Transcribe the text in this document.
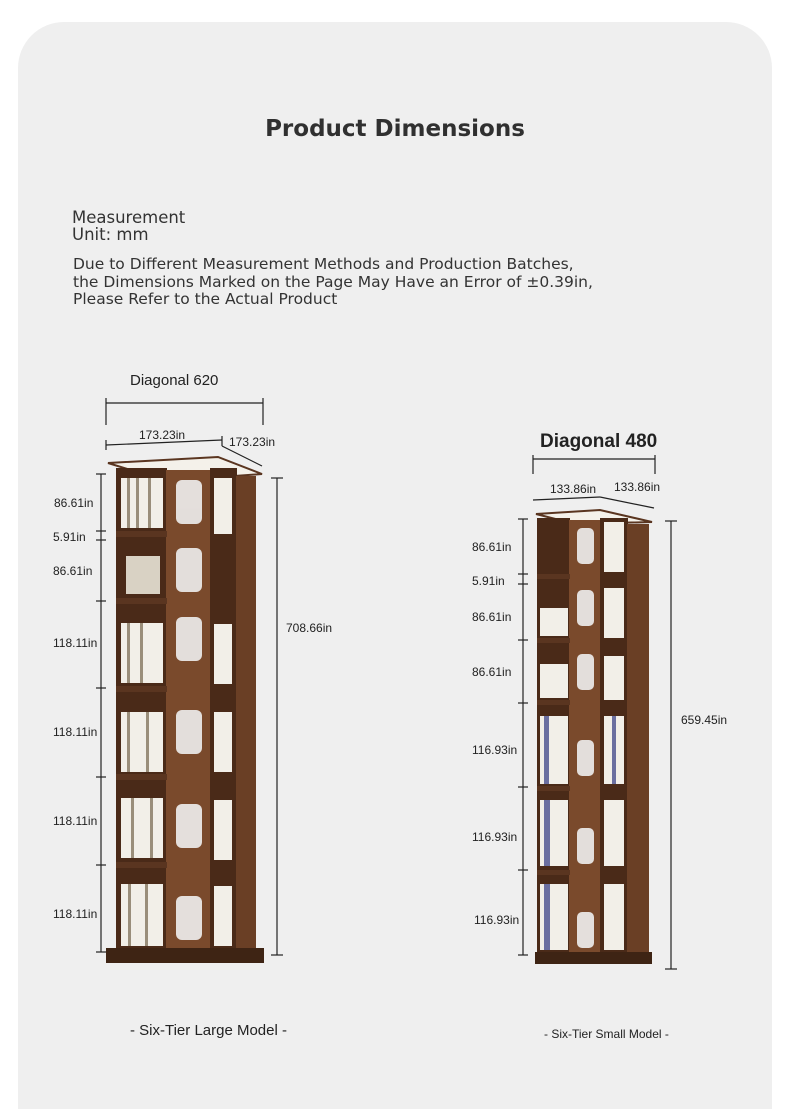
Product Dimensions
Measurement
Unit: mm
Due to Different Measurement Methods and Production Batches, the Dimensions Marked on the Page May Have an Error of ±0.39in, Please Refer to the Actual Product
Diagonal 620
173.23in	173.23in
708.66in
86.61in
5.91in
86.61in
118.11in
118.11in
118.11in
118.11in
- Six-Tier Large Model -
Diagonal 480
133.86in 133.86in
659.45in
86.61in
5.91in
86.61in
86.61in
116.93in
116.93in
116.93in
- Six-Tier Small Model -
